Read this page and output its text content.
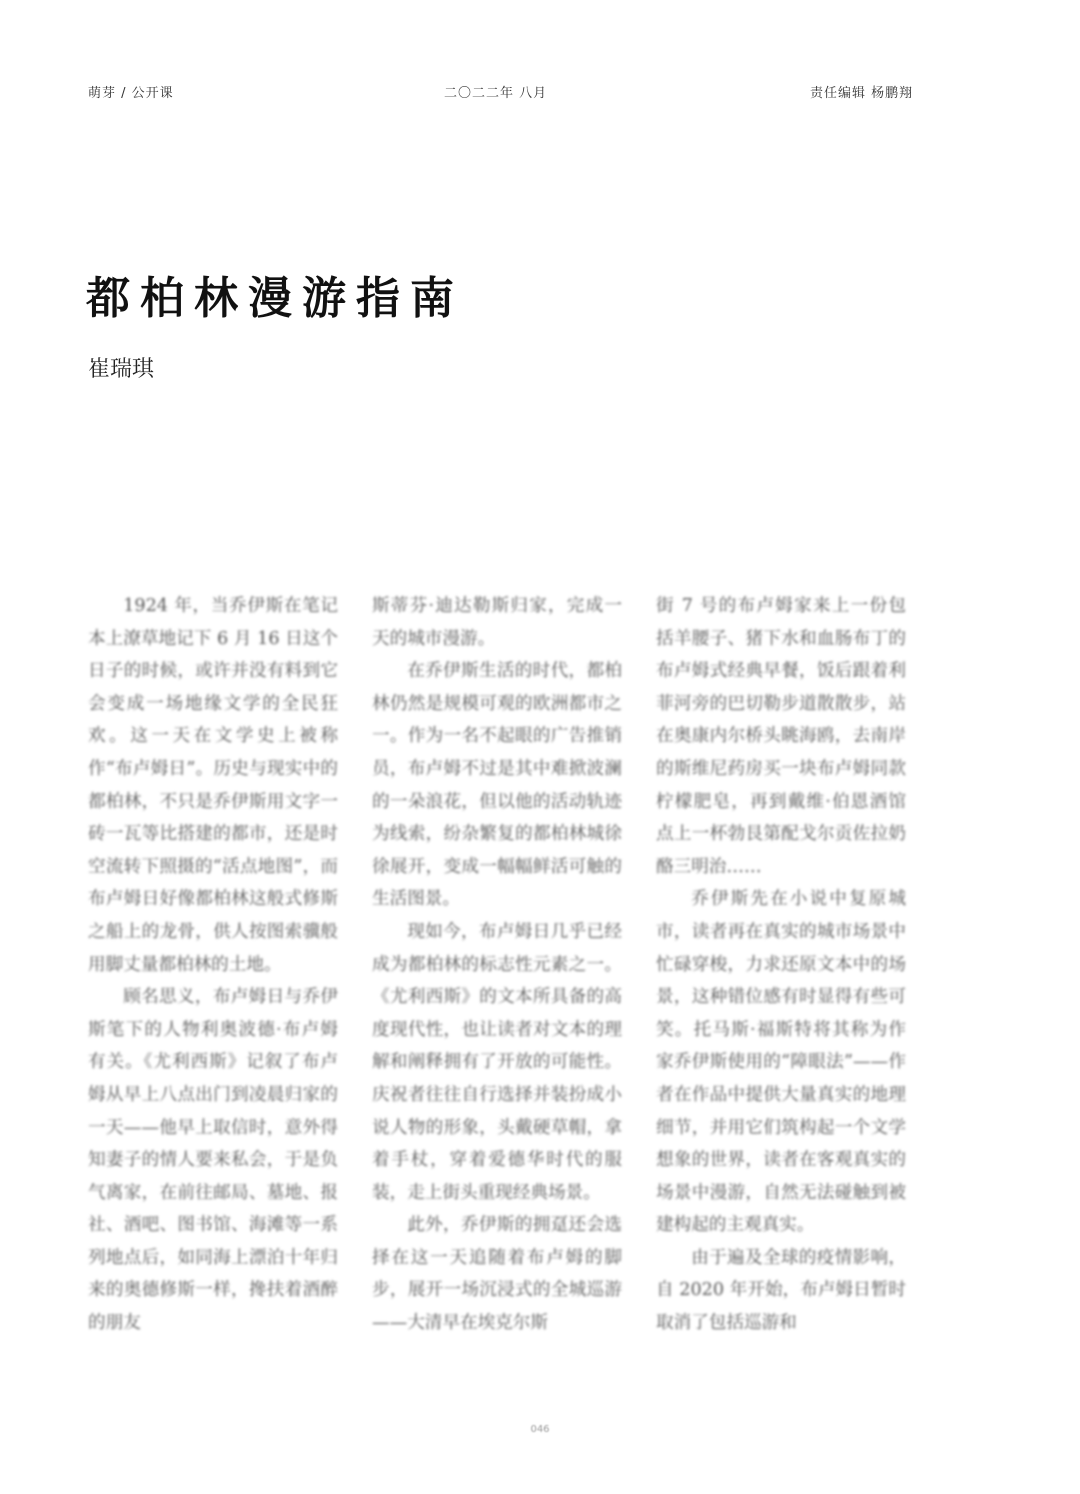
萌芽 / 公开课	二〇二二年 八月	责任编辑 杨鹏翔
都柏林漫游指南
崔瑞琪

1924 年，当乔伊斯在笔记本上潦草地记下 6 月 16 日这个日子的时候，或许并没有料到它会变成一场地缘文学的全民狂欢。这一天在文学史上被称作“布卢姆日”。历史与现实中的都柏林，不只是乔伊斯用文字一砖一瓦等比搭建的都市，还是时空流转下照摄的“活点地图”，而布卢姆日好像都柏林这般式修斯之船上的龙骨，供人按图索骥般用脚丈量都柏林的土地。

顾名思义，布卢姆日与乔伊斯笔下的人物利奥波德·布卢姆有关。《尤利西斯》记叙了布卢姆从早上八点出门到凌晨归家的一天——他早上取信时，意外得知妻子的情人要来私会，于是负气离家，在前往邮局、墓地、报社、酒吧、图书馆、海滩等一系列地点后，如同海上漂泊十年归来的奥德修斯一样，搀扶着酒醉的朋友

斯蒂芬·迪达勒斯归家，完成一天的城市漫游。

在乔伊斯生活的时代，都柏林仍然是规模可观的欧洲都市之一。作为一名不起眼的广告推销员，布卢姆不过是其中难掀波澜的一朵浪花，但以他的活动轨迹为线索，纷杂繁复的都柏林城徐徐展开，变成一幅幅鲜活可触的生活图景。

现如今，布卢姆日几乎已经成为都柏林的标志性元素之一。《尤利西斯》的文本所具备的高度现代性，也让读者对文本的理解和阐释拥有了开放的可能性。庆祝者往往自行选择并装扮成小说人物的形象，头戴硬草帽，拿着手杖，穿着爱德华时代的服装，走上街头重现经典场景。

此外，乔伊斯的拥趸还会选择在这一天追随着布卢姆的脚步，展开一场沉浸式的全城巡游——大清早在埃克尔斯

街 7 号的布卢姆家来上一份包括羊腰子、猪下水和血肠布丁的布卢姆式经典早餐，饭后跟着利菲河旁的巴切勒步道散散步，站在奥康内尔桥头眺海鸥，去南岸的斯维尼药房买一块布卢姆同款柠檬肥皂，再到戴维·伯恩酒馆点上一杯勃艮第配戈尔贡佐拉奶酪三明治……

乔伊斯先在小说中复原城市，读者再在真实的城市场景中忙碌穿梭，力求还原文本中的场景，这种错位感有时显得有些可笑。托马斯·福斯特将其称为作家乔伊斯使用的“障眼法”——作者在作品中提供大量真实的地理细节，并用它们筑构起一个文学想象的世界，读者在客观真实的场景中漫游，自然无法碰触到被建构起的主观真实。

由于遍及全球的疫情影响，自 2020 年开始，布卢姆日暂时取消了包括巡游和

046
